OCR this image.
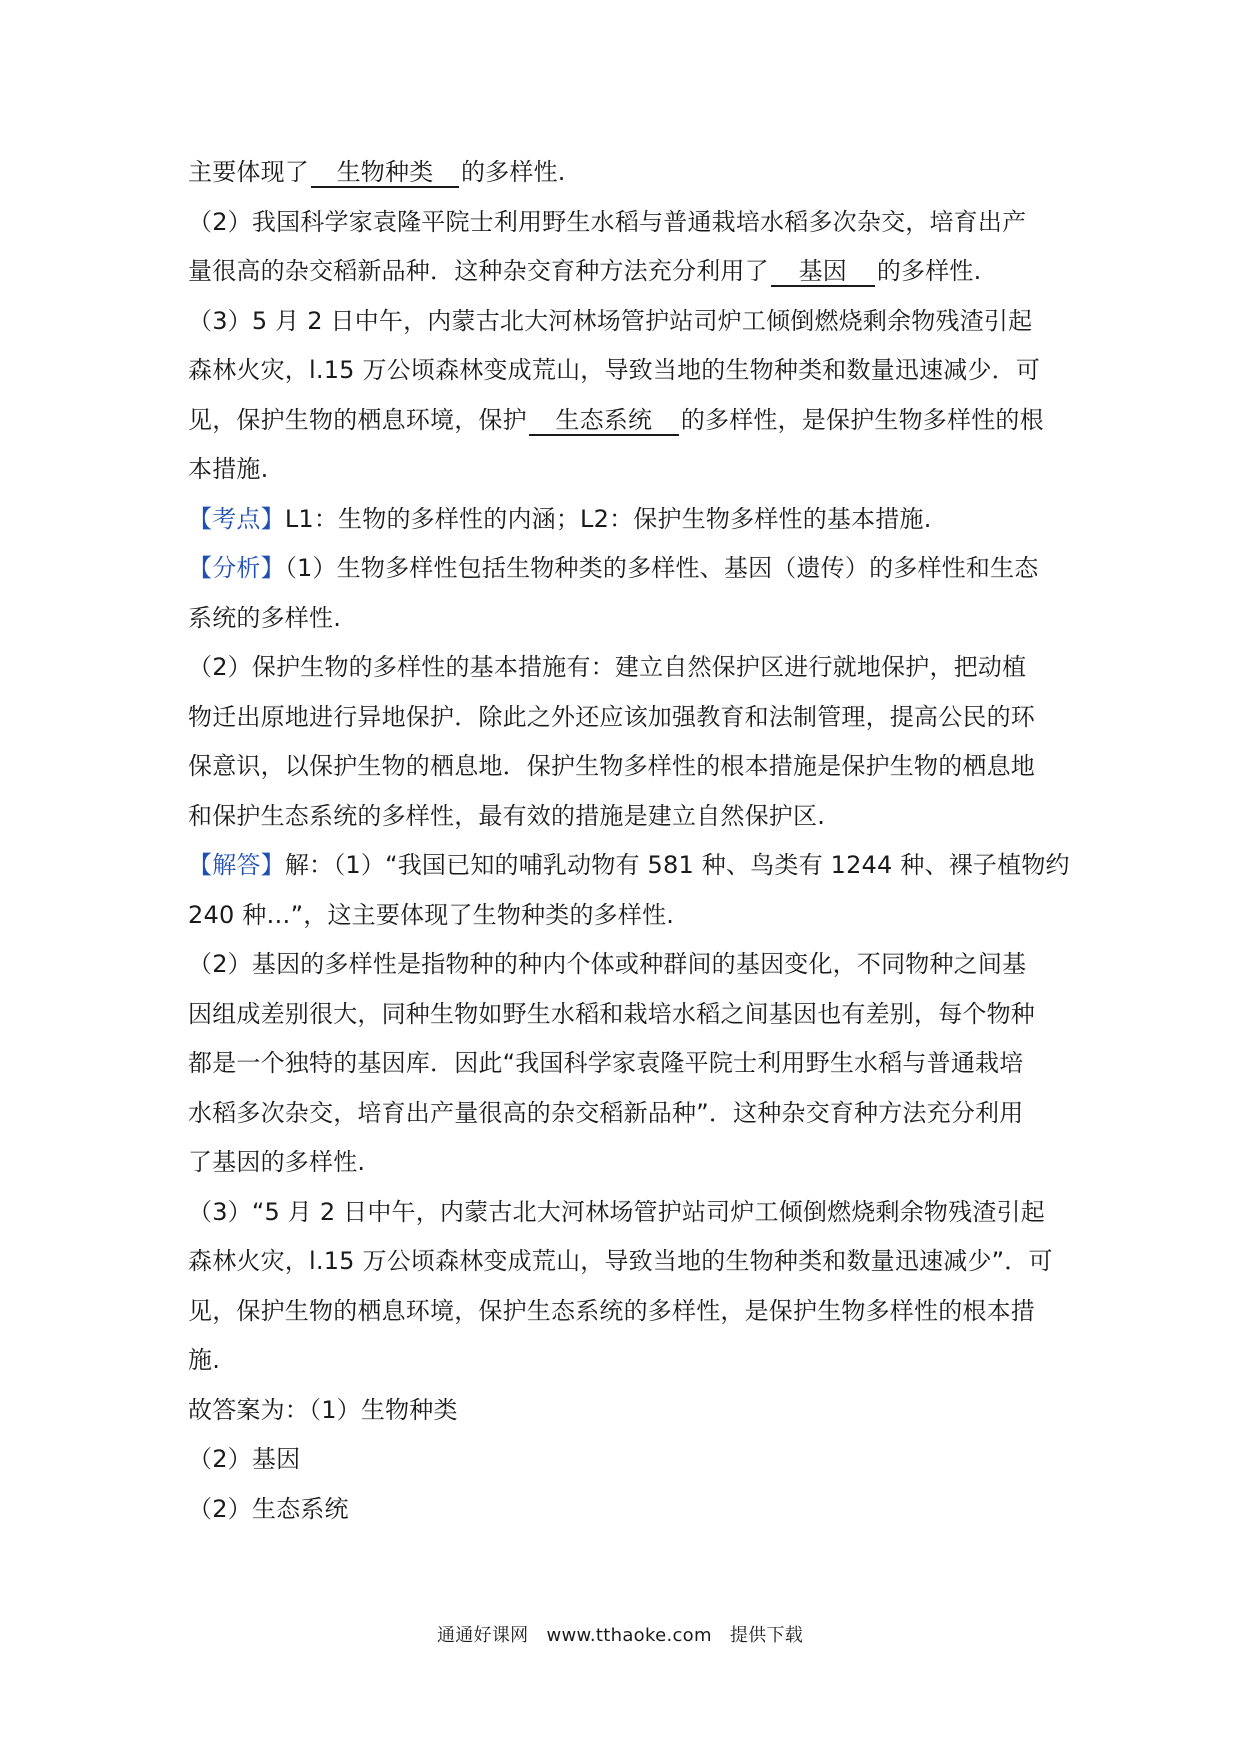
主要体现了 生物种类 的多样性.
（2）我国科学家袁隆平院士利用野生水稻与普通栽培水稻多次杂交，培育出产
量很高的杂交稻新品种．这种杂交育种方法充分利用了 基因 的多样性.
（3）5 月 2 日中午，内蒙古北大河林场管护站司炉工倾倒燃烧剩余物残渣引起
森林火灾，l.15 万公顷森林变成荒山，导致当地的生物种类和数量迅速减少．可
见，保护生物的栖息环境，保护 生态系统 的多样性，是保护生物多样性的根
本措施.
【考点】L1：生物的多样性的内涵；L2：保护生物多样性的基本措施.
【分析】（1）生物多样性包括生物种类的多样性、基因（遗传）的多样性和生态
系统的多样性.
（2）保护生物的多样性的基本措施有：建立自然保护区进行就地保护，把动植
物迁出原地进行异地保护．除此之外还应该加强教育和法制管理，提高公民的环
保意识，以保护生物的栖息地．保护生物多样性的根本措施是保护生物的栖息地
和保护生态系统的多样性，最有效的措施是建立自然保护区.
【解答】解：（1）“我国已知的哺乳动物有 581 种、鸟类有 1244 种、裸子植物约
240 种…”，这主要体现了生物种类的多样性.
（2）基因的多样性是指物种的种内个体或种群间的基因变化，不同物种之间基
因组成差别很大，同种生物如野生水稻和栽培水稻之间基因也有差别，每个物种
都是一个独特的基因库．因此“我国科学家袁隆平院士利用野生水稻与普通栽培
水稻多次杂交，培育出产量很高的杂交稻新品种”．这种杂交育种方法充分利用
了基因的多样性.
（3）“5 月 2 日中午，内蒙古北大河林场管护站司炉工倾倒燃烧剩余物残渣引起
森林火灾，l.15 万公顷森林变成荒山，导致当地的生物种类和数量迅速减少”．可
见，保护生物的栖息环境，保护生态系统的多样性，是保护生物多样性的根本措
施.
故答案为：（1）生物种类
（2）基因
（2）生态系统
通通好课网 www.tthaoke.com 提供下载
